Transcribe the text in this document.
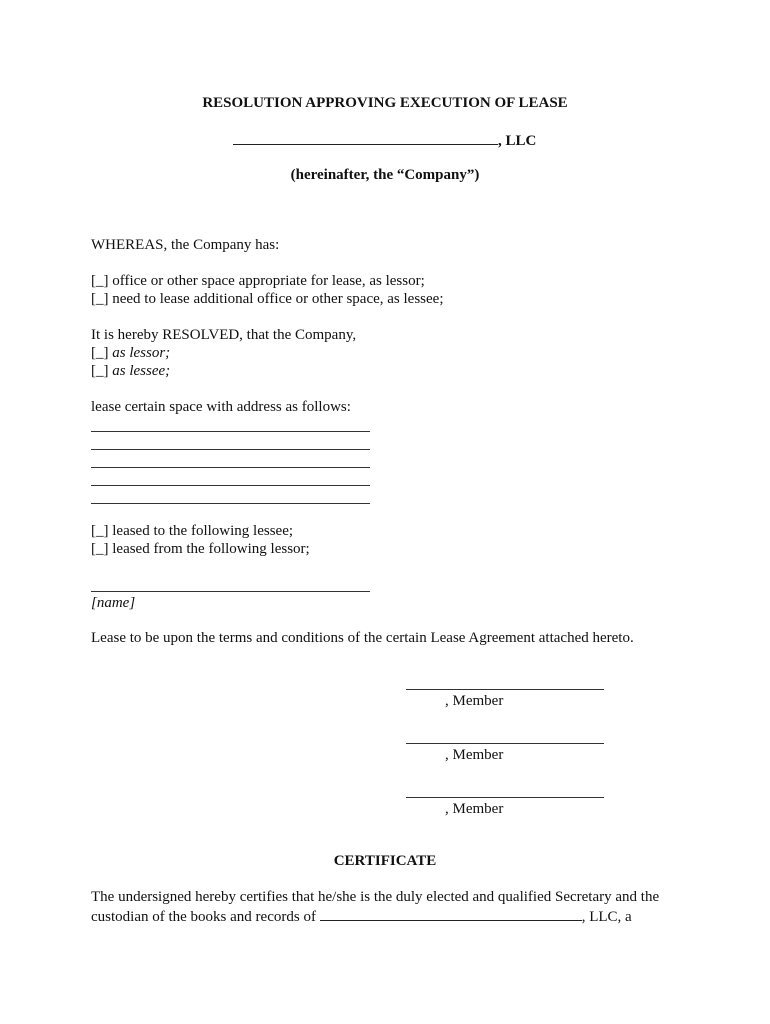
RESOLUTION APPROVING EXECUTION OF LEASE
, LLC
(hereinafter, the “Company”)
WHEREAS, the Company has:
[_] office or other space appropriate for lease, as lessor;
[_] need to lease additional office or other space, as lessee;
It is hereby RESOLVED, that the Company,
[_] as lessor;
[_] as lessee;
lease certain space with address as follows:
[_] leased to the following lessee;
[_] leased from the following lessor;
[name]
Lease to be upon the terms and conditions of the certain Lease Agreement attached hereto.
, Member
, Member
, Member
CERTIFICATE
The undersigned hereby certifies that he/she is the duly elected and qualified Secretary and the
custodian of the books and records of	, LLC, a
